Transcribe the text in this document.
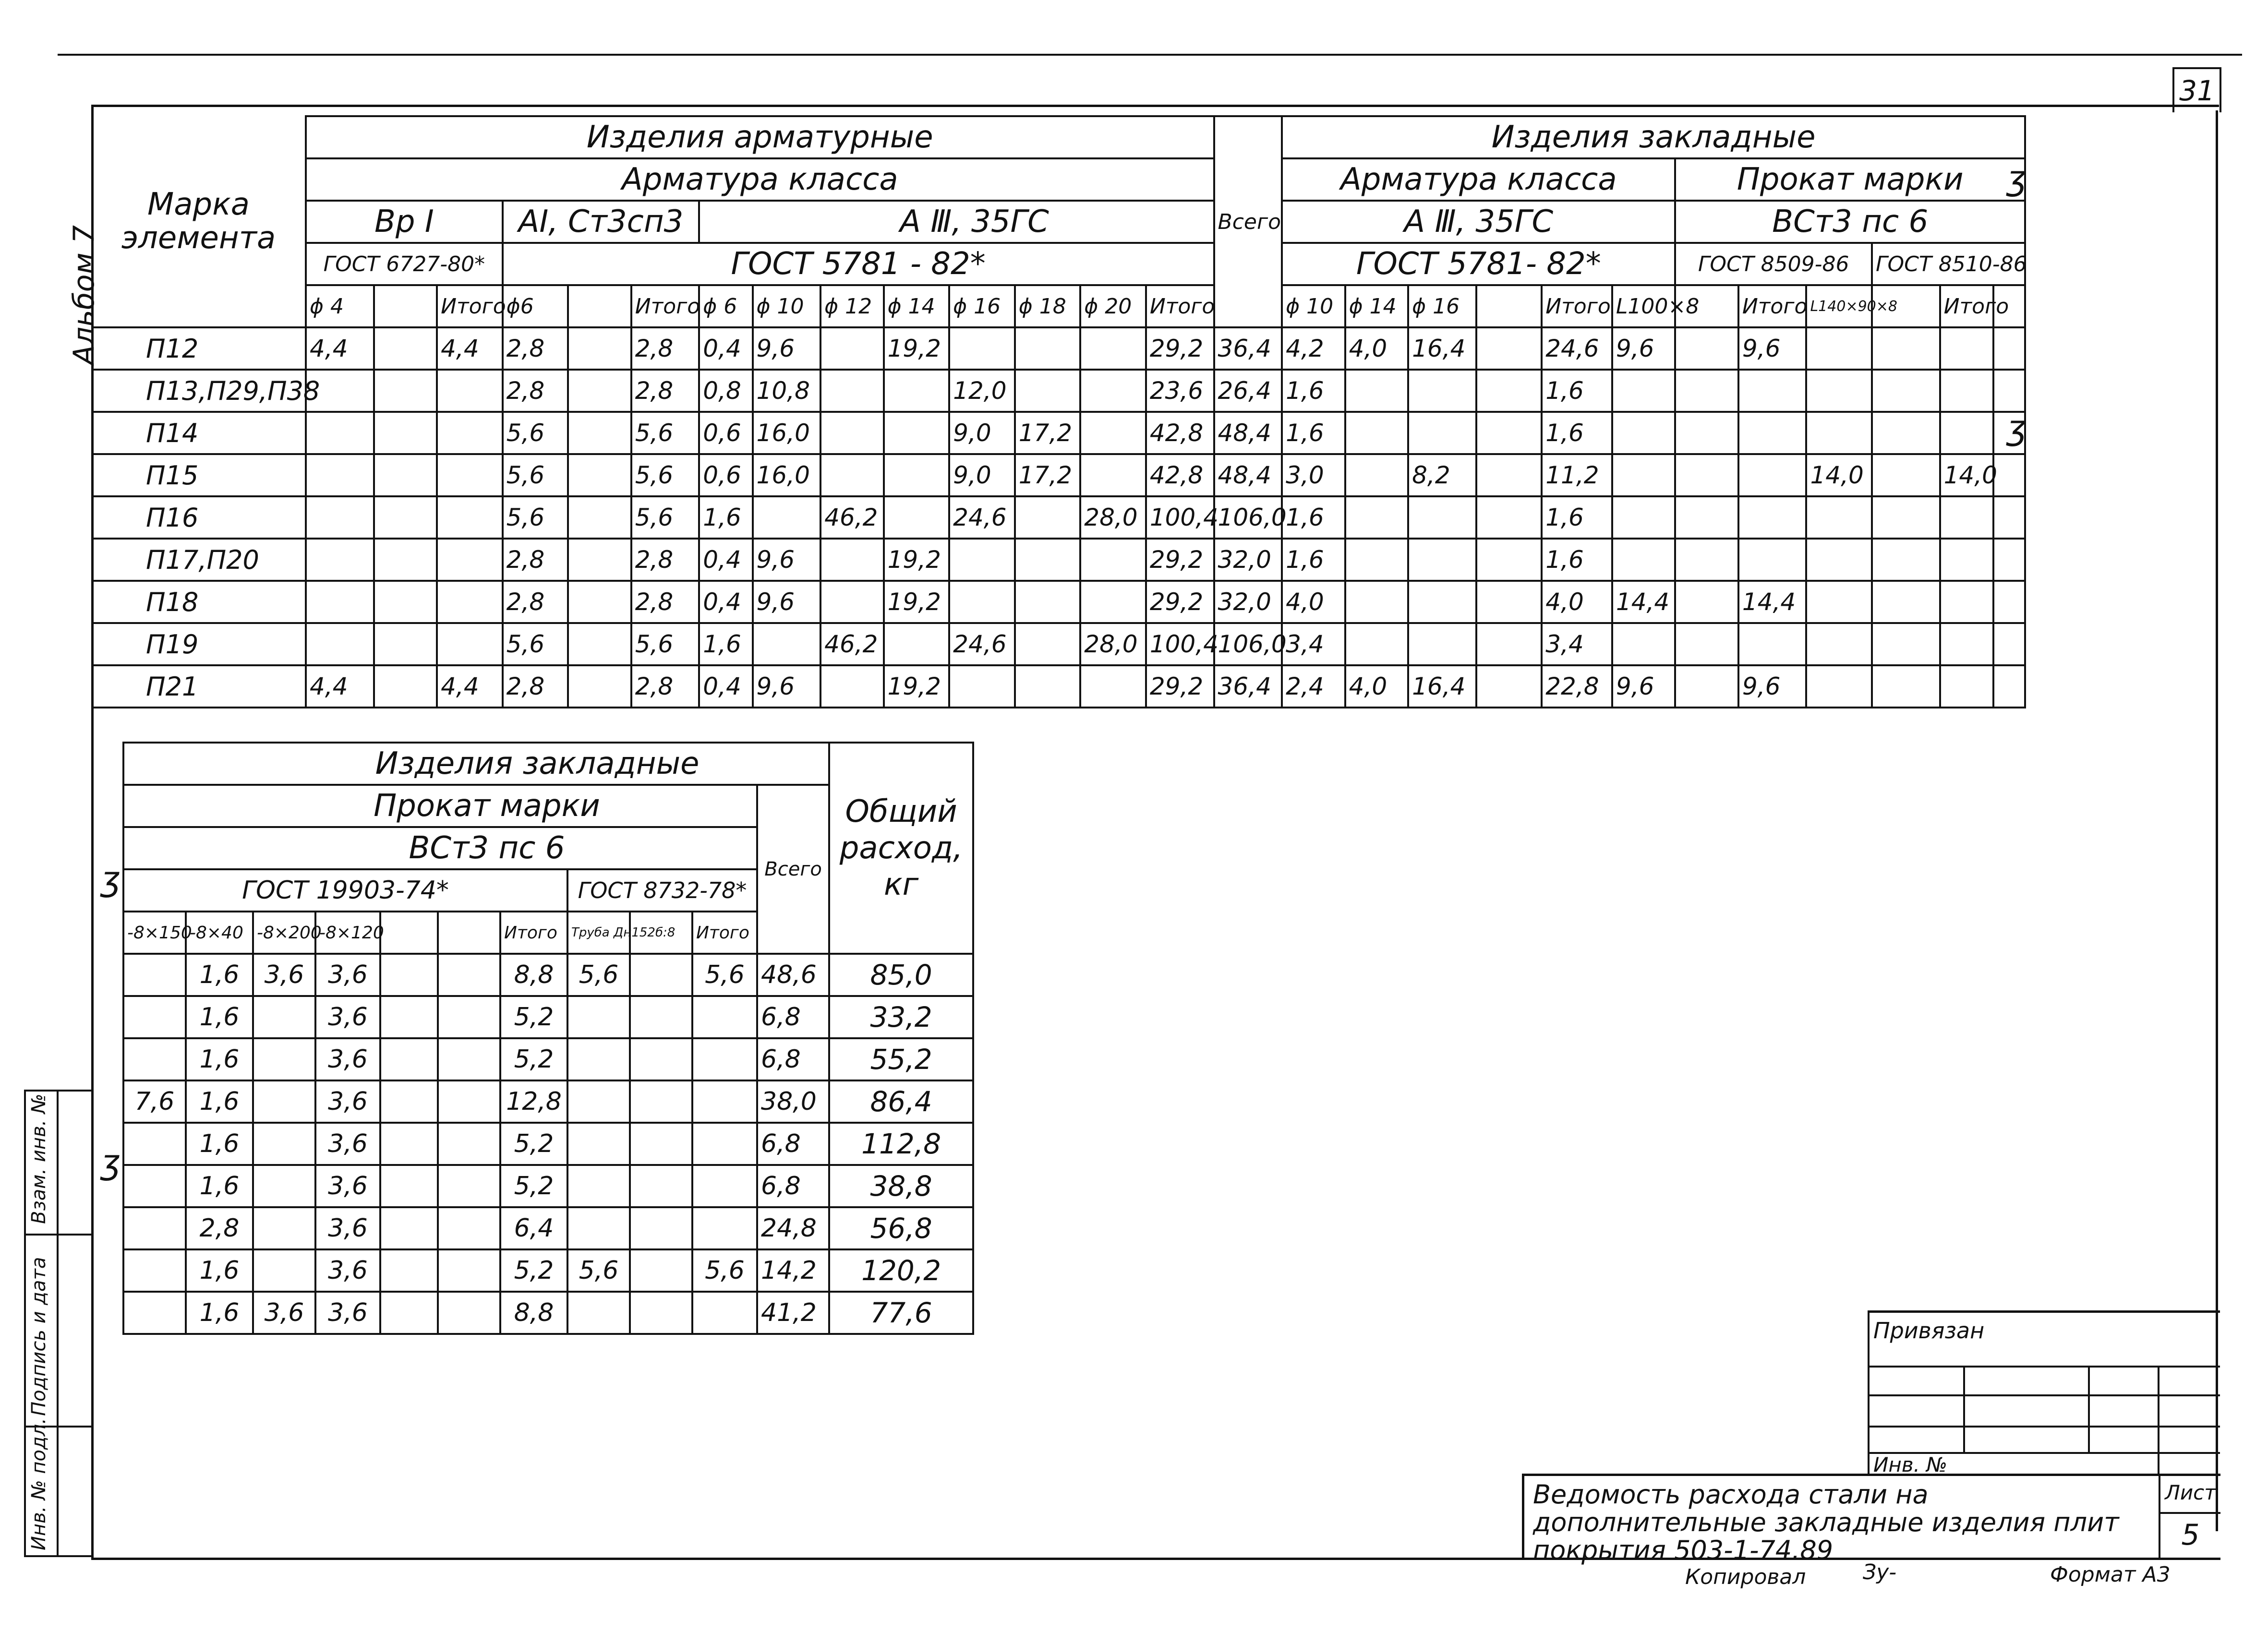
31
Альбом 7
Марка элемента	Изделия арматурные														Всего	Изделия закладные											
	Арматура класса															Арматура класса						Прокат марки					
	Вр I			АI, Ст3сп3			А Ⅲ, 35ГС									А Ⅲ, 35ГС						ВСт3 пс 6					
	ГОСТ 6727-80*			ГОСТ 5781 - 82*												ГОСТ 5781- 82*						ГОСТ 8509-86			ГОСТ 8510-86		
	ϕ 4		Итого	ϕ6		Итого	ϕ 6	ϕ 10	ϕ 12	ϕ 14	ϕ 16	ϕ 18	ϕ 20	Итого		ϕ 10	ϕ 14	ϕ 16		Итого	L100×8		Итого	L140×90×8		Итого	
П12	4,4		4,4	2,8		2,8	0,4	9,6		19,2				29,2	36,4	4,2	4,0	16,4		24,6	9,6		9,6				
П13,П29,П38				2,8		2,8	0,8	10,8			12,0			23,6	26,4	1,6				1,6							
П14				5,6		5,6	0,6	16,0			9,0	17,2		42,8	48,4	1,6				1,6							
П15				5,6		5,6	0,6	16,0			9,0	17,2		42,8	48,4	3,0		8,2		11,2				14,0		14,0	
П16				5,6		5,6	1,6		46,2		24,6		28,0	100,4	106,0	1,6				1,6							
П17,П20				2,8		2,8	0,4	9,6		19,2				29,2	32,0	1,6				1,6							
П18				2,8		2,8	0,4	9,6		19,2				29,2	32,0	4,0				4,0	14,4		14,4				
П19				5,6		5,6	1,6		46,2		24,6		28,0	100,4	106,0	3,4				3,4							
П21	4,4		4,4	2,8		2,8	0,4	9,6		19,2				29,2	36,4	2,4	4,0	16,4		22,8	9,6		9,6				
Изделия закладные											Общий расход, кг
Прокат марки										Всего	
ВСт3 пс 6											
ГОСТ 19903-74*							ГОСТ 8732-78*				
-8×150	-8×40	-8×200	-8×120			Итого	Труба Дн152б:8		Итого		
	1,6	3,6	3,6			8,8	5,6		5,6	48,6	85,0
	1,6		3,6			5,2				6,8	33,2
	1,6		3,6			5,2				6,8	55,2
7,6	1,6		3,6			12,8				38,0	86,4
	1,6		3,6			5,2				6,8	112,8
	1,6		3,6			5,2				6,8	38,8
	2,8		3,6			6,4				24,8	56,8
	1,6		3,6			5,2	5,6		5,6	14,2	120,2
	1,6	3,6	3,6			8,8				41,2	77,6
ʒ
ʒ
ʒ
ʒ
Взам. инв. №
Подпись и дата
Инв. № подл.
Привязан
Инв. №
Ведомость расхода стали на дополнительные закладные изделия плит покрытия 503-1-74.89
Лист
5
Копировал	Зу-	Формат А3
